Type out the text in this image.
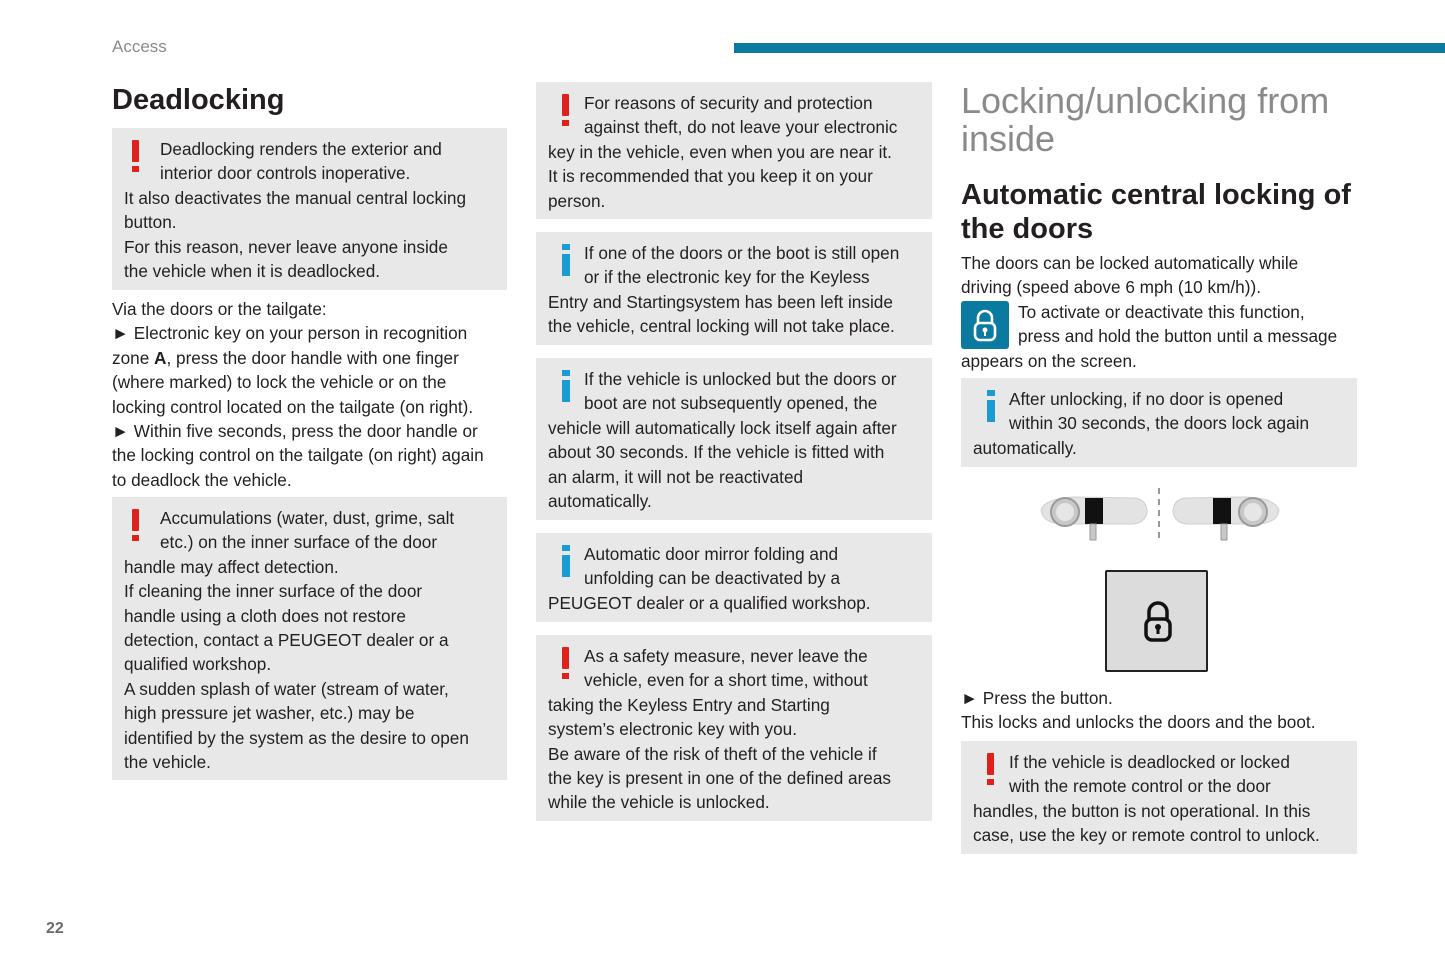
Access
22
Deadlocking

Deadlocking renders the exterior and

interior door controls inoperative.

It also deactivates the manual central locking

button.

For this reason, never leave anyone inside

the vehicle when it is deadlocked.

Via the doors or the tailgate:

► Electronic key on your person in recognition

zone A, press the door handle with one finger

(where marked) to lock the vehicle or on the

locking control located on the tailgate (on right).

► Within five seconds, press the door handle or

the locking control on the tailgate (on right) again

to deadlock the vehicle.

Accumulations (water, dust, grime, salt

etc.) on the inner surface of the door

handle may affect detection.

If cleaning the inner surface of the door

handle using a cloth does not restore

detection, contact a PEUGEOT dealer or a

qualified workshop.

A sudden splash of water (stream of water,

high pressure jet washer, etc.) may be

identified by the system as the desire to open

the vehicle.

For reasons of security and protection

against theft, do not leave your electronic

key in the vehicle, even when you are near it.

It is recommended that you keep it on your

person.

If one of the doors or the boot is still open

or if the electronic key for the Keyless

Entry and Startingsystem has been left inside

the vehicle, central locking will not take place.

If the vehicle is unlocked but the doors or

boot are not subsequently opened, the

vehicle will automatically lock itself again after

about 30 seconds. If the vehicle is fitted with

an alarm, it will not be reactivated

automatically.

Automatic door mirror folding and

unfolding can be deactivated by a

PEUGEOT dealer or a qualified workshop.

As a safety measure, never leave the

vehicle, even for a short time, without

taking the Keyless Entry and Starting

system’s electronic key with you.

Be aware of the risk of theft of the vehicle if

the key is present in one of the defined areas

while the vehicle is unlocked.

Locking/unlocking from
inside
Automatic central locking of
the doors

The doors can be locked automatically while

driving (speed above 6 mph (10 km/h)).

To activate or deactivate this function,

press and hold the button until a message

appears on the screen.

After unlocking, if no door is opened

within 30 seconds, the doors lock again

automatically.

► Press the button.

This locks and unlocks the doors and the boot.

If the vehicle is deadlocked or locked

with the remote control or the door

handles, the button is not operational. In this

case, use the key or remote control to unlock.
